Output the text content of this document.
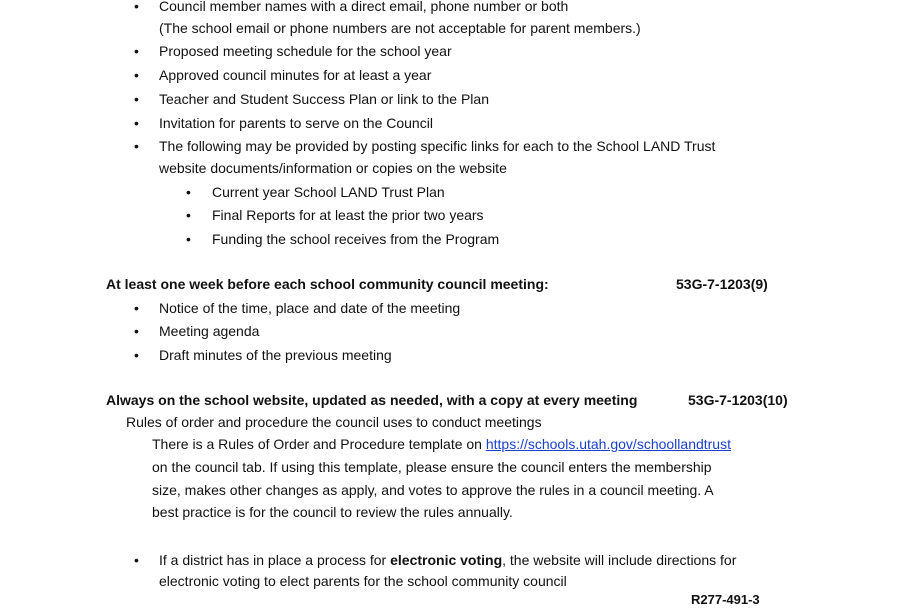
• Council member names with a direct email, phone number or both
(The school email or phone numbers are not acceptable for parent members.)
• Proposed meeting schedule for the school year
• Approved council minutes for at least a year
• Teacher and Student Success Plan or link to the Plan
• Invitation for parents to serve on the Council
• The following may be provided by posting specific links for each to the School LAND Trust
website documents/information or copies on the website
• Current year School LAND Trust Plan
• Final Reports for at least the prior two years
• Funding the school receives from the Program
At least one week before each school community council meeting:	53G-7-1203(9)
• Notice of the time, place and date of the meeting
• Meeting agenda
• Draft minutes of the previous meeting
Always on the school website, updated as needed, with a copy at every meeting	53G-7-1203(10)
Rules of order and procedure the council uses to conduct meetings
There is a Rules of Order and Procedure template on https://schools.utah.gov/schoollandtrust
on the council tab. If using this template, please ensure the council enters the membership
size, makes other changes as apply, and votes to approve the rules in a council meeting. A
best practice is for the council to review the rules annually.
• If a district has in place a process for electronic voting, the website will include directions for
electronic voting to elect parents for the school community council
R277-491-3
